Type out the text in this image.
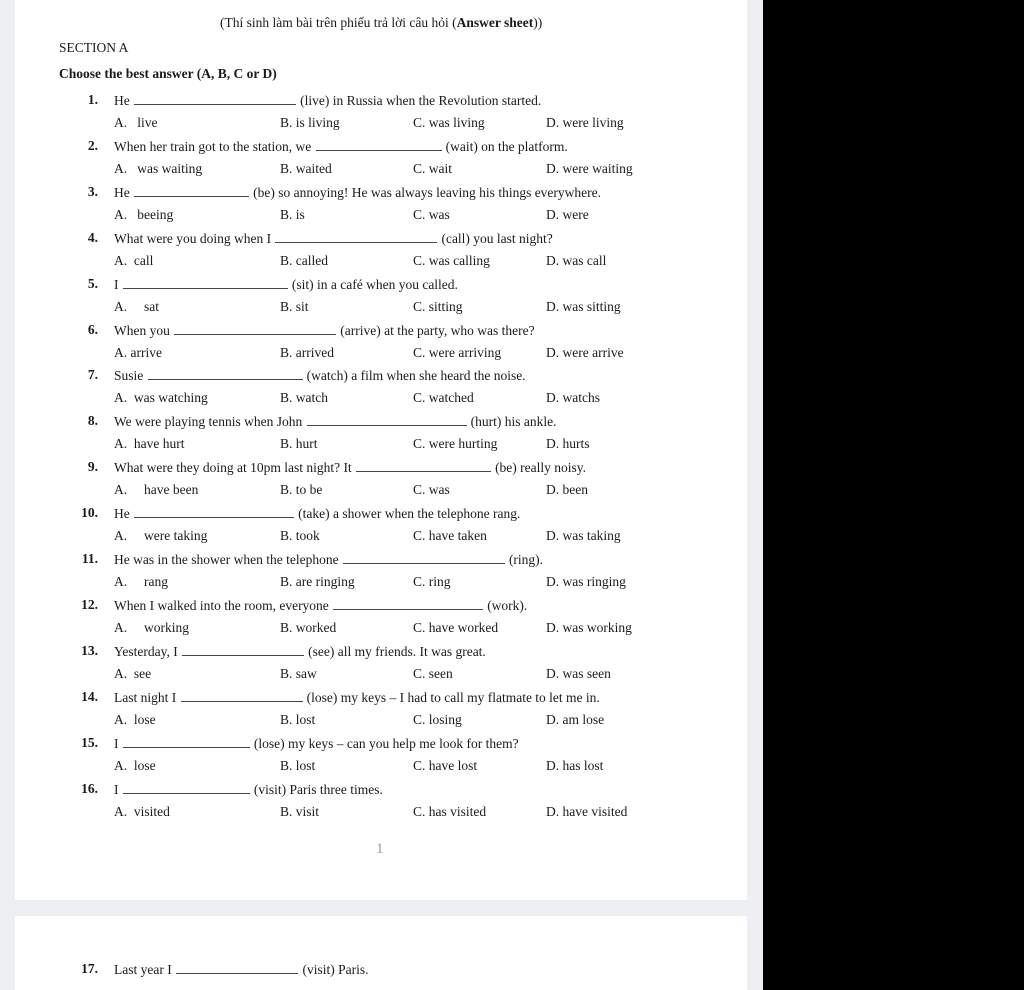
(Thí sinh làm bài trên phiếu trả lời câu hỏi (Answer sheet))
SECTION A
Choose the best answer (A, B, C or D)
1. He	(live) in Russia when the Revolution started.
A.   live	B. is living	C. was living	D. were living
2. When her train got to the station, we	(wait) on the platform.
A.   was waiting	B. waited	C. wait	D. were waiting
3. He	(be) so annoying! He was always leaving his things everywhere.
A.   beeing	B. is	C. was	D. were
4. What were you doing when I	(call) you last night?
A.  call	B. called	C. was calling	D. was call
5. I	(sit) in a café when you called.
A.     sat	B. sit	C. sitting	D. was sitting
6. When you	(arrive) at the party, who was there?
A. arrive	B. arrived	C. were arriving	D. were arrive
7. Susie	(watch) a film when she heard the noise.
A.  was watching	B. watch	C. watched	D. watchs
8. We were playing tennis when John	(hurt) his ankle.
A.  have hurt	B. hurt	C. were hurting	D. hurts
9. What were they doing at 10pm last night? It	(be) really noisy.
A.     have been	B. to be	C. was	D. been
10. He	(take) a shower when the telephone rang.
A.     were taking	B. took	C. have taken	D. was taking
11. He was in the shower when the telephone	(ring).
A.     rang	B. are ringing	C. ring	D. was ringing
12. When I walked into the room, everyone	(work).
A.     working	B. worked	C. have worked	D. was working
13. Yesterday, I	(see) all my friends. It was great.
A.  see	B. saw	C. seen	D. was seen
14. Last night I	(lose) my keys – I had to call my flatmate to let me in.
A.  lose	B. lost	C. losing	D. am lose
15. I	(lose) my keys – can you help me look for them?
A.  lose	B. lost	C. have lost	D. has lost
16. I	(visit) Paris three times.
A.  visited	B. visit	C. has visited	D. have visited
1
17. Last year I	(visit) Paris.
